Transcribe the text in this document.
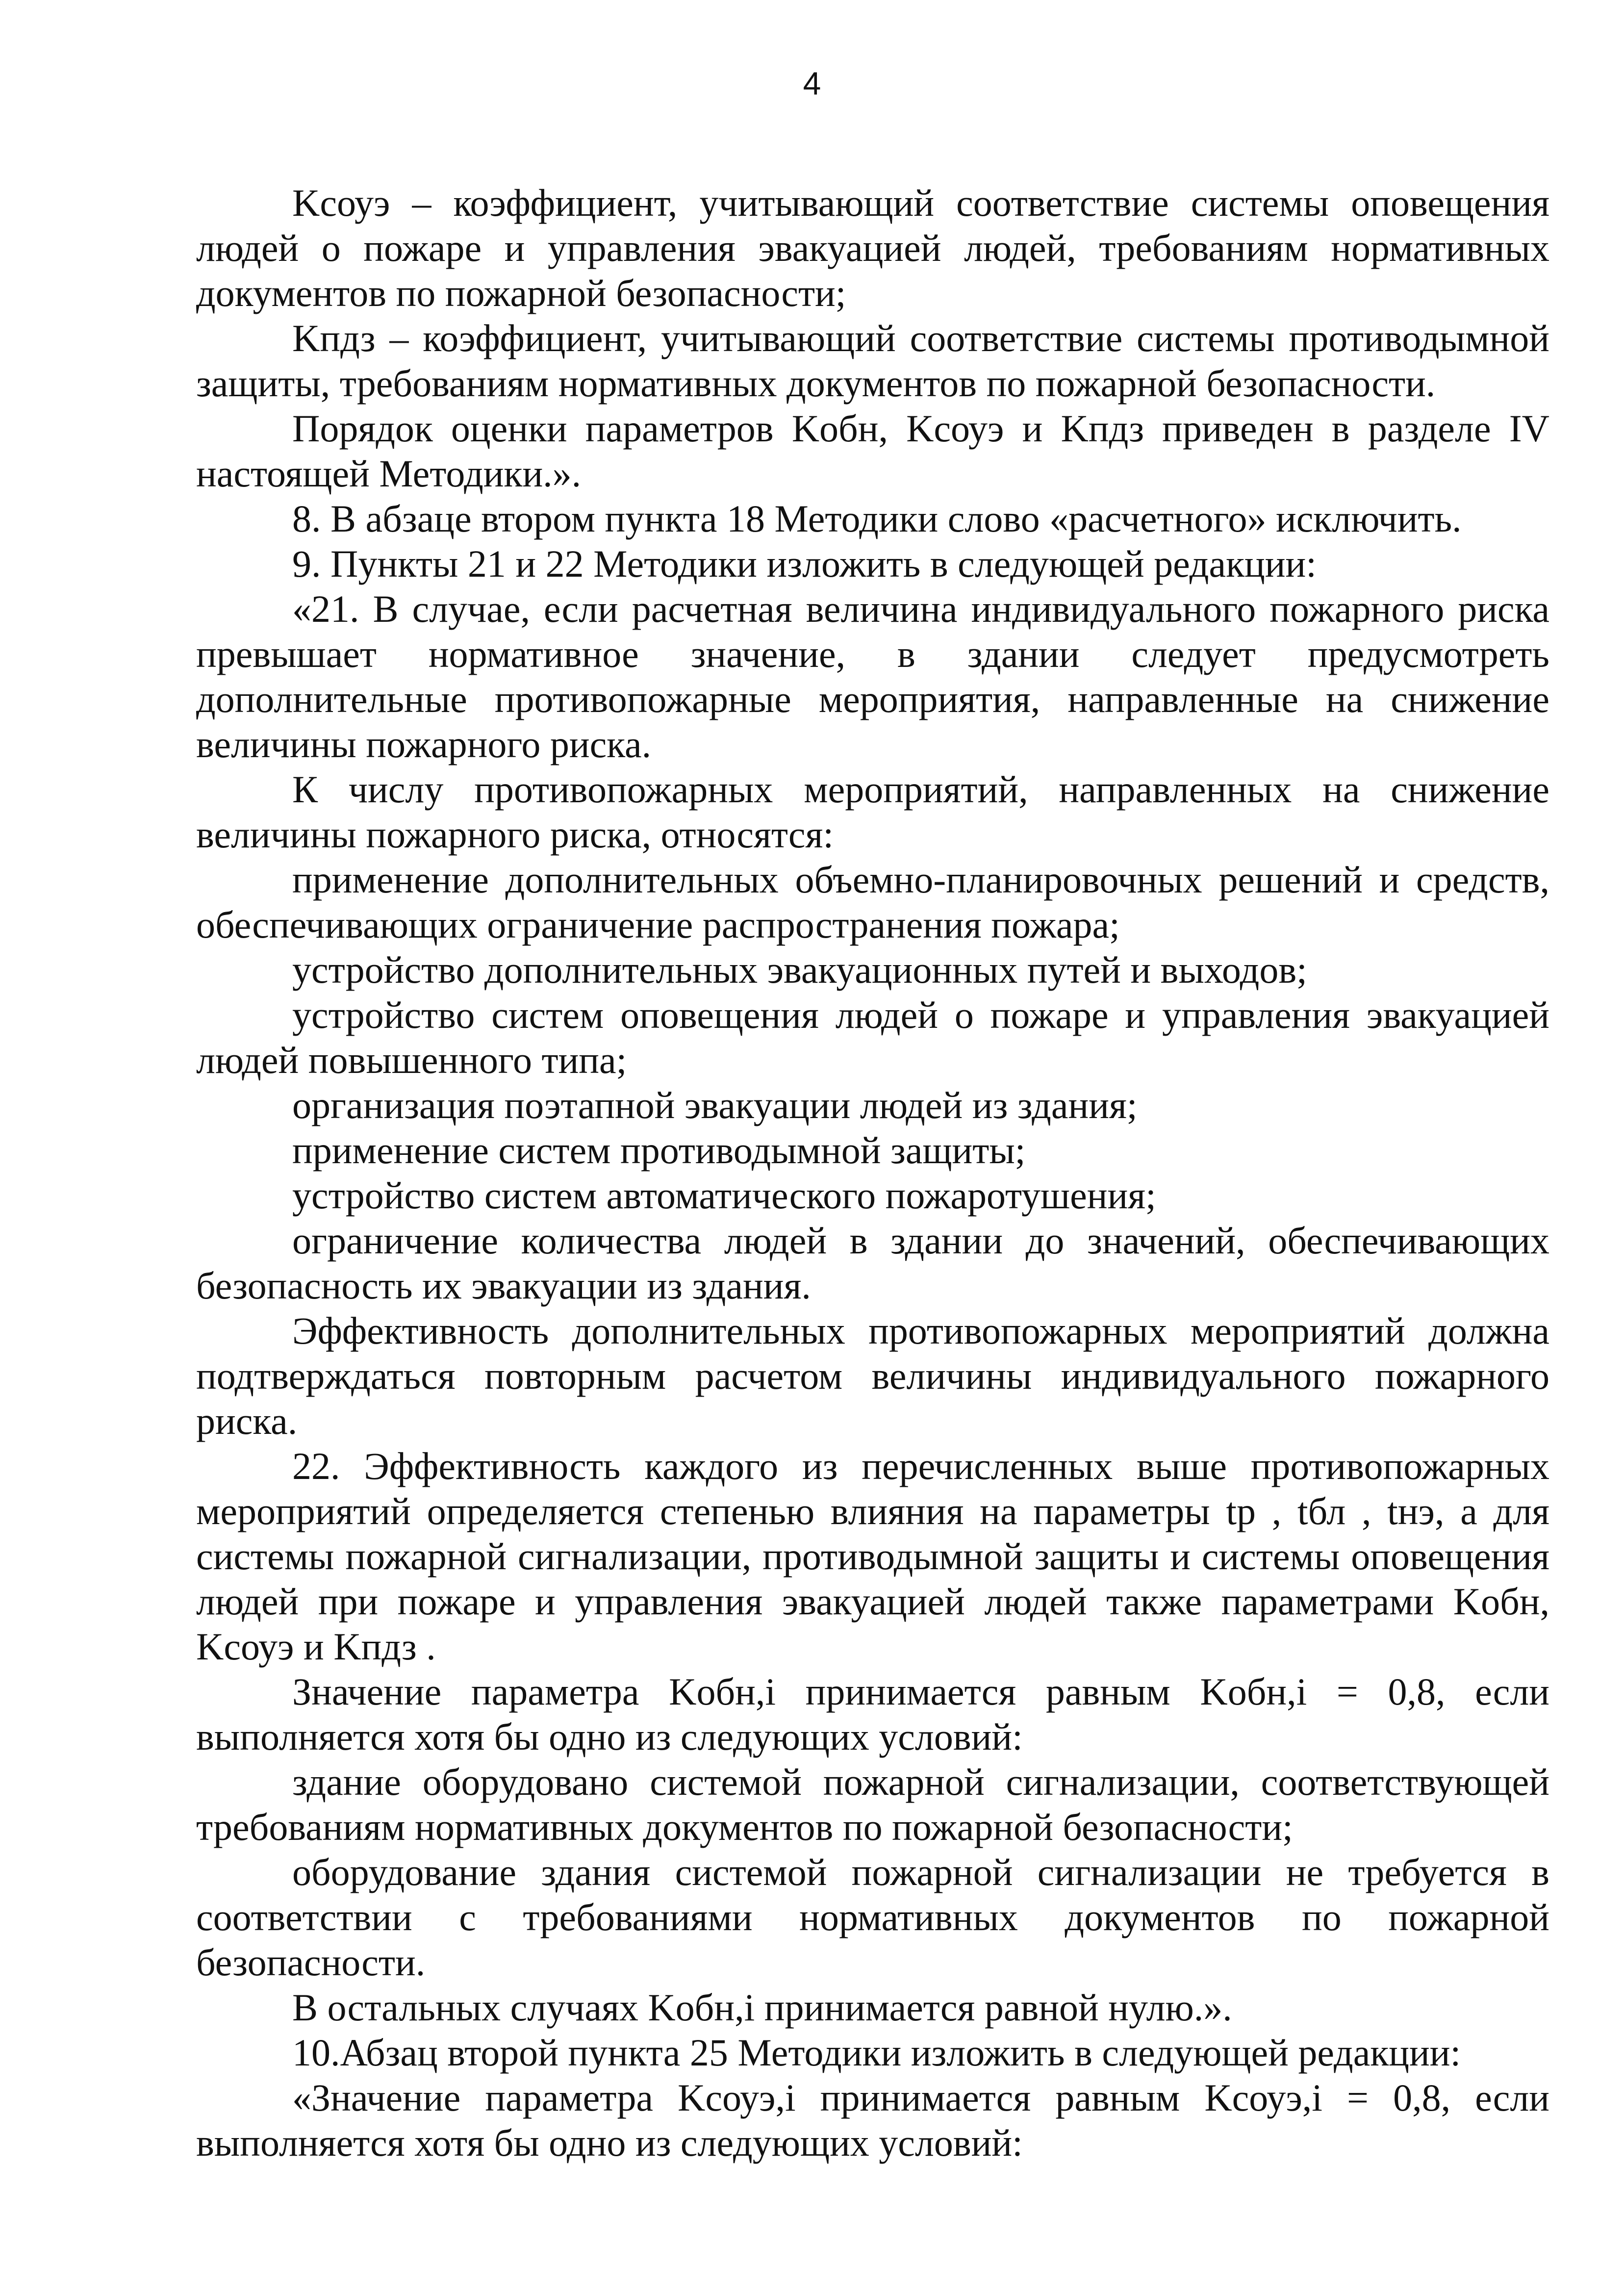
4

Kсоуэ – коэффициент, учитывающий соответствие системы оповещения людей о пожаре и управления эвакуацией людей, требованиям нормативных документов по пожарной безопасности;

Kпдз – коэффициент, учитывающий соответствие системы противодымной защиты, требованиям нормативных документов по пожарной безопасности.

Порядок оценки параметров Kобн, Kсоуэ и Kпдз приведен в разделе IV настоящей Методики.».

8. В абзаце втором пункта 18 Методики слово «расчетного» исключить.

9. Пункты 21 и 22 Методики изложить в следующей редакции:

«21. В случае, если расчетная величина индивидуального пожарного риска превышает нормативное значение, в здании следует предусмотреть дополнительные противопожарные мероприятия, направленные на снижение величины пожарного риска.

К числу противопожарных мероприятий, направленных на снижение величины пожарного риска, относятся:

применение дополнительных объемно-планировочных решений и средств, обеспечивающих ограничение распространения пожара;

устройство дополнительных эвакуационных путей и выходов;

устройство систем оповещения людей о пожаре и управления эвакуацией людей повышенного типа;

организация поэтапной эвакуации людей из здания;

применение систем противодымной защиты;

устройство систем автоматического пожаротушения;

ограничение количества людей в здании до значений, обеспечивающих безопасность их эвакуации из здания.

Эффективность дополнительных противопожарных мероприятий должна подтверждаться повторным расчетом величины индивидуального пожарного риска.

22. Эффективность каждого из перечисленных выше противопожарных мероприятий определяется степенью влияния на параметры tр , tбл , tнэ, а для системы пожарной сигнализации, противодымной защиты и системы оповещения людей при пожаре и управления эвакуацией людей также параметрами Kобн, Kсоуэ и Kпдз .

Значение параметра Kобн,i принимается равным Kобн,i = 0,8, если выполняется хотя бы одно из следующих условий:

здание оборудовано системой пожарной сигнализации, соответствующей требованиям нормативных документов по пожарной безопасности;

оборудование здания системой пожарной сигнализации не требуется в соответствии с требованиями нормативных документов по пожарной безопасности.

В остальных случаях Kобн,i принимается равной нулю.».

10.Абзац второй пункта 25 Методики изложить в следующей редакции:

«Значение параметра Kсоуэ,i принимается равным Kсоуэ,i = 0,8, если выполняется хотя бы одно из следующих условий:
